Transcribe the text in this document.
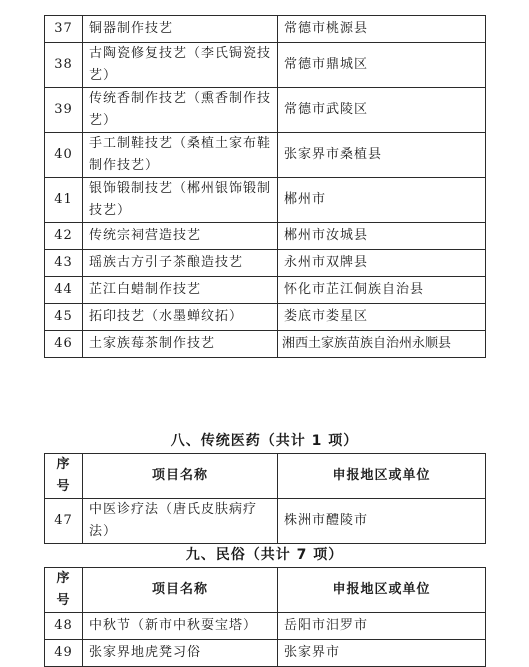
37	铜器制作技艺	常德市桃源县
38	古陶瓷修复技艺（李氏锔瓷技艺）	常德市鼎城区
39	传统香制作技艺（熏香制作技艺）	常德市武陵区
40	手工制鞋技艺（桑植土家布鞋制作技艺）	张家界市桑植县
41	银饰锻制技艺（郴州银饰锻制技艺）	郴州市
42	传统宗祠营造技艺	郴州市汝城县
43	瑶族古方引子茶酿造技艺	永州市双牌县
44	芷江白蜡制作技艺	怀化市芷江侗族自治县
45	拓印技艺（水墨蝉纹拓）	娄底市娄星区
46	土家族莓茶制作技艺	湘西土家族苗族自治州永顺县
八、传统医药（共计 1 项）
序号	项目名称	申报地区或单位
47	中医诊疗法（唐氏皮肤病疗法）	株洲市醴陵市
九、民俗（共计 7 项）
序号	项目名称	申报地区或单位
48	中秋节（新市中秋耍宝塔）	岳阳市汨罗市
49	张家界地虎凳习俗	张家界市
